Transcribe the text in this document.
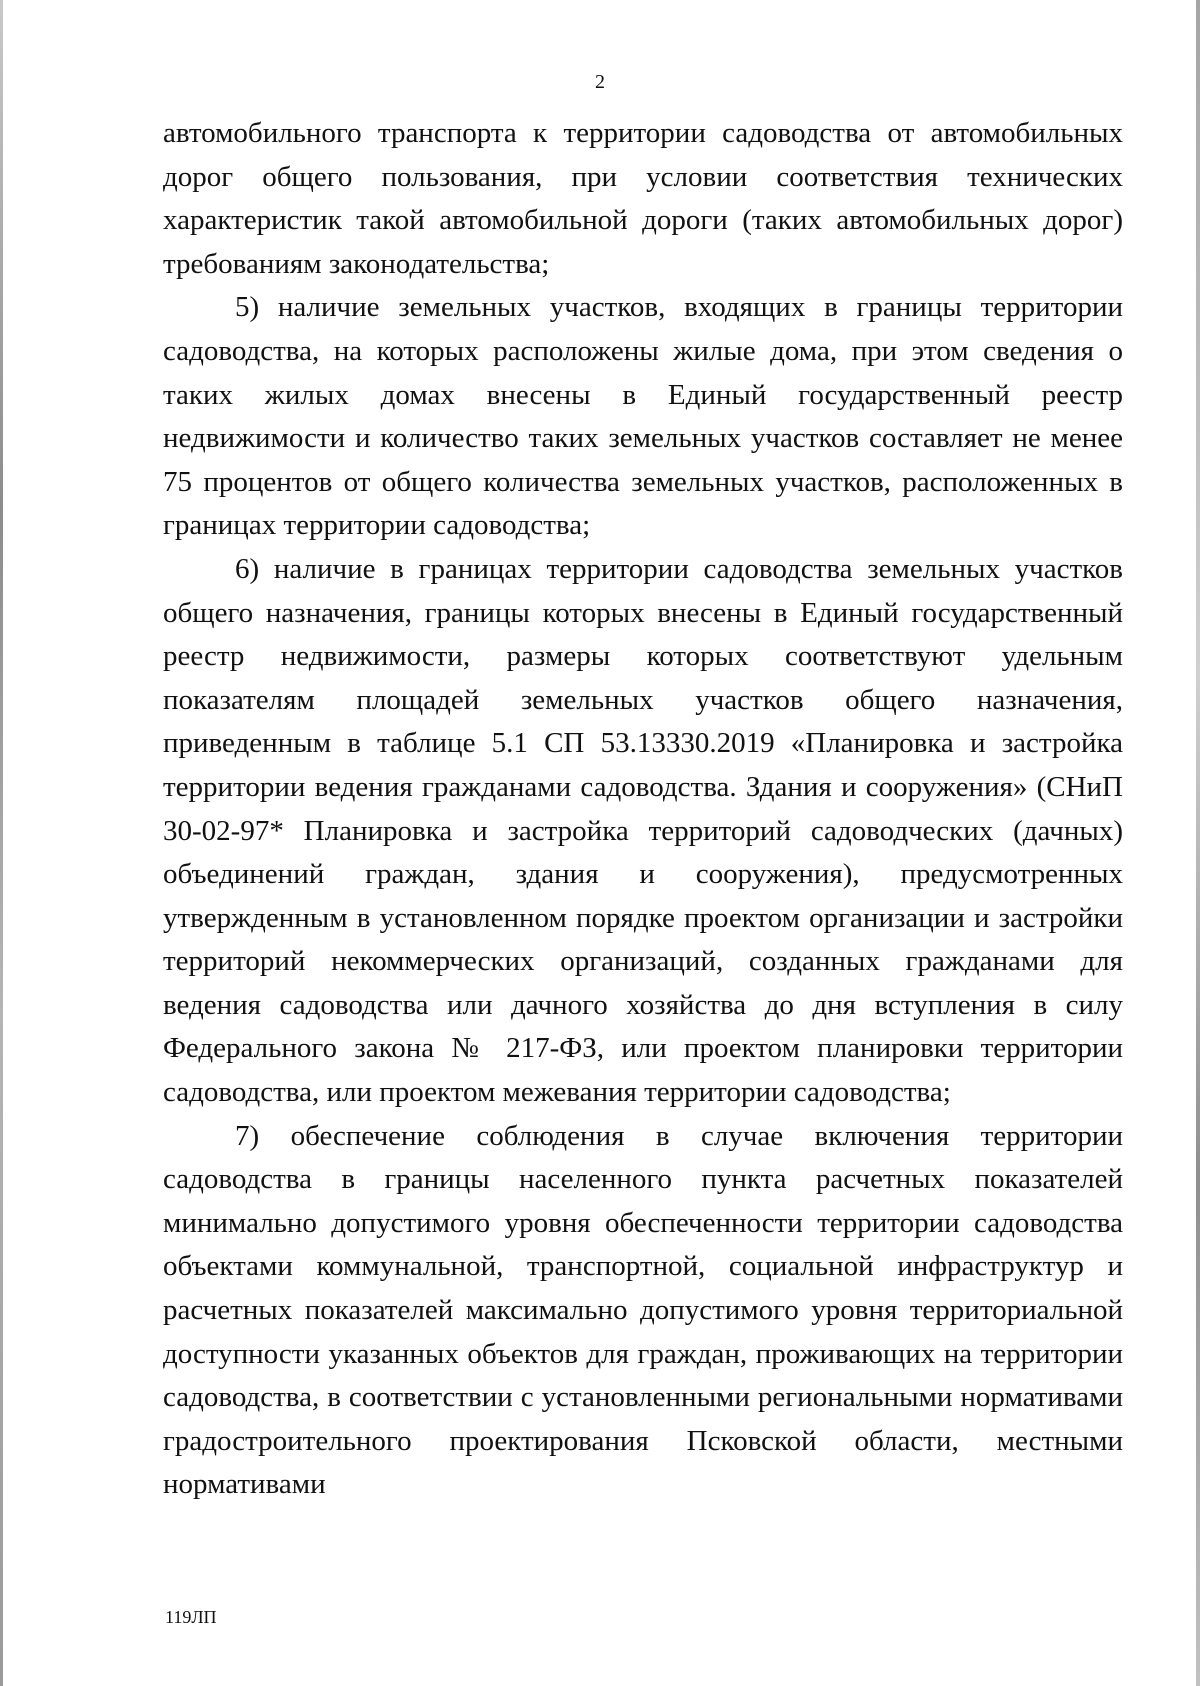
2

автомобильного транспорта к территории садоводства от автомобильных дорог общего пользования, при условии соответствия технических характеристик такой автомобильной дороги (таких автомобильных дорог) требованиям законодательства;

5) наличие земельных участков, входящих в границы территории садоводства, на которых расположены жилые дома, при этом сведения о таких жилых домах внесены в Единый государственный реестр недвижимости и количество таких земельных участков составляет не менее 75 процентов от общего количества земельных участков, расположенных в границах территории садоводства;

6) наличие в границах территории садоводства земельных участков общего назначения, границы которых внесены в Единый государственный реестр недвижимости, размеры которых соответствуют удельным показателям площадей земельных участков общего назначения, приведенным в таблице 5.1 СП 53.13330.2019 «Планировка и застройка территории ведения гражданами садоводства. Здания и сооружения» (СНиП 30-02-97* Планировка и застройка территорий садоводческих (дачных) объединений граждан, здания и сооружения), предусмотренных утвержденным в установленном порядке проектом организации и застройки территорий некоммерческих организаций, созданных гражданами для ведения садоводства или дачного хозяйства до дня вступления в силу Федерального закона № 217-ФЗ, или проектом планировки территории садоводства, или проектом межевания территории садоводства;

7) обеспечение соблюдения в случае включения территории садоводства в границы населенного пункта расчетных показателей минимально допустимого уровня обеспеченности территории садоводства объектами коммунальной, транспортной, социальной инфраструктур и расчетных показателей максимально допустимого уровня территориальной доступности указанных объектов для граждан, проживающих на территории садоводства, в соответствии с установленными региональными нормативами градостроительного проектирования Псковской области, местными нормативами

119ЛП
